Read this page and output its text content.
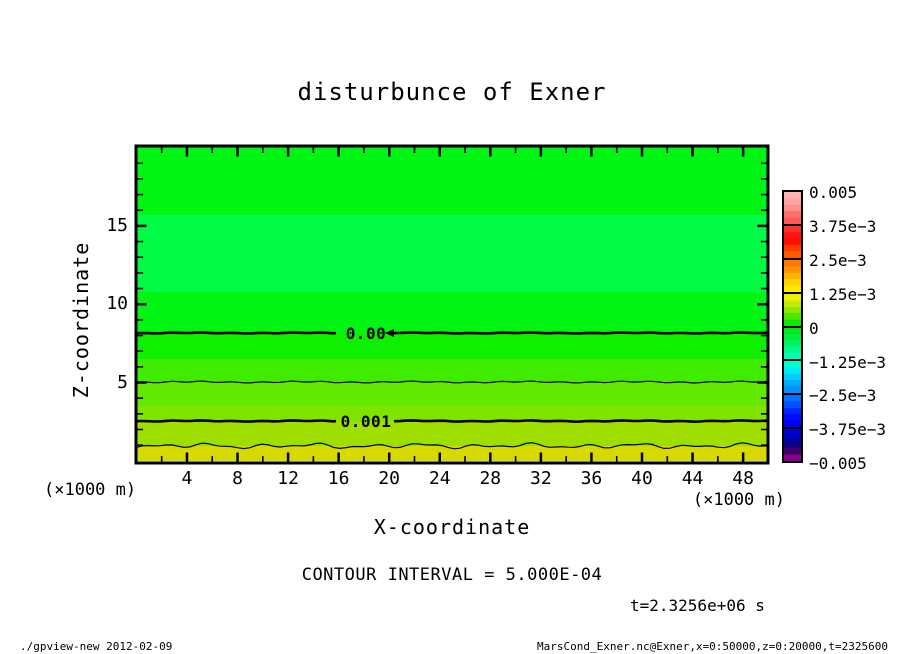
disturbunce of Exner
Z-coordinate
X-coordinate
(×1000 m)	(×1000 m)
CONTOUR INTERVAL = 5.000E-04
t=2.3256e+06 s
./gpview-new 2012-02-09	MarsCond_Exner.nc@Exner,x=0:50000,z=0:20000,t=2325600
4	8	12	16	20	24	28	32	36	40	44	48
5
10
15
0.00
0.001
0.005
3.75e−3
2.5e−3
1.25e−3
0
−1.25e−3
−2.5e−3
−3.75e−3
−0.005
